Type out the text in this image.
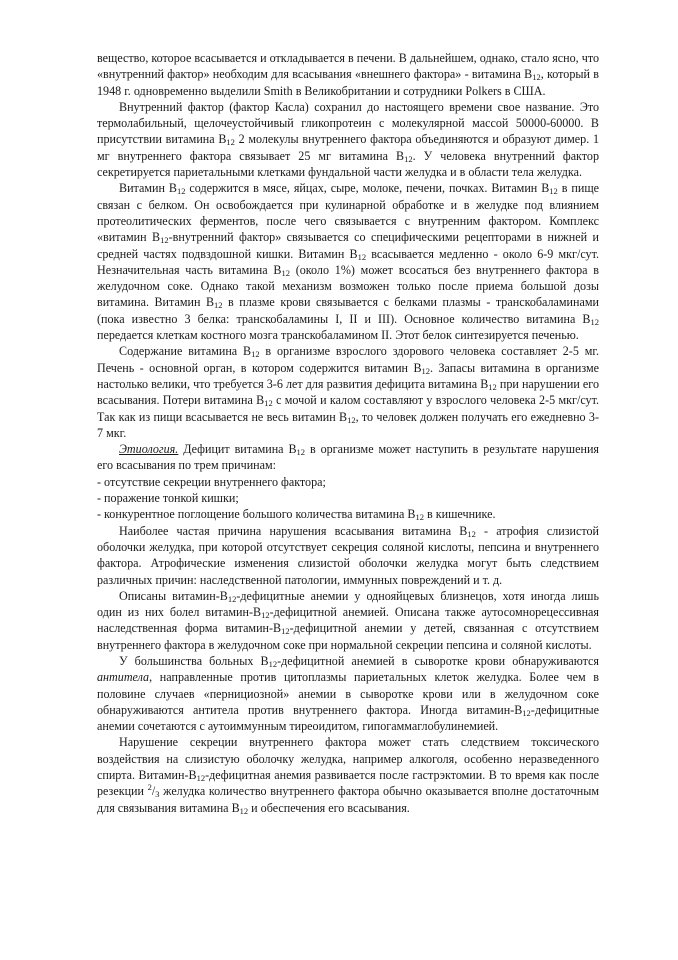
вещество, которое всасывается и откладывается в печени. В дальнейшем, однако, стало ясно, что «внутренний фактор» необходим для всасывания «внешнего фактора» - витамина $В_{12}$, который в 1948 г. одновременно выделили Smith в Великобритании и сотрудники Polkers в США.

Внутренний фактор (фактор Касла) сохранил до настоящего времени свое название. Это термолабильный, щелочеустойчивый гликопротеин с молекулярной массой 50000-60000. В присутствии витамина $В_{12}$ 2 молекулы внутреннего фактора объединяются и образуют димер. 1 мг внутреннего фактора связывает 25 мг витамина $В_{12}$. У человека внутренний фактор секретируется париетальными клетками фундальной части желудка и в области тела желудка.

Витамин $В_{12}$ содержится в мясе, яйцах, сыре, молоке, печени, почках. Витамин $В_{12}$ в пище связан с белком. Он освобождается при кулинарной обработке и в желудке под влиянием протеолитических ферментов, после чего связывается с внутренним фактором. Комплекс «витамин $В_{12}$-внутренний фактор» связывается со специфическими рецепторами в нижней и средней частях подвздошной кишки. Витамин $В_{12}$ всасывается медленно - около 6-9 мкг/сут. Незначительная часть витамина $В_{12}$ (около 1%) может всосаться без внутреннего фактора в желудочном соке. Однако такой механизм возможен только после приема большой дозы витамина. Витамин $В_{12}$ в плазме крови связывается с белками плазмы - транскобаламинами (пока известно 3 белка: транскобаламины I, II и III). Основное количество витамина $В_{12}$ передается клеткам костного мозга транскобаламином II. Этот белок синтезируется печенью.

Содержание витамина $В_{12}$ в организме взрослого здорового человека составляет 2-5 мг. Печень - основной орган, в котором содержится витамин $В_{12}$. Запасы витамина в организме настолько велики, что требуется 3-6 лет для развития дефицита витамина $В_{12}$ при нарушении его всасывания. Потери витамина $В_{12}$ с мочой и калом составляют у взрослого человека 2-5 мкг/сут. Так как из пищи всасывается не весь витамин $В_{12}$, то человек должен получать его ежедневно 3-7 мкг.

Этиология. Дефицит витамина $В_{12}$ в организме может наступить в результате нарушения его всасывания по трем причинам:

- отсутствие секреции внутреннего фактора;

- поражение тонкой кишки;

- конкурентное поглощение большого количества витамина $В_{12}$ в кишечнике.

Наиболее частая причина нарушения всасывания витамина $В_{12}$ - атрофия слизистой оболочки желудка, при которой отсутствует секреция соляной кислоты, пепсина и внутреннего фактора. Атрофические изменения слизистой оболочки желудка могут быть следствием различных причин: наследственной патологии, иммунных повреждений и т. д.

Описаны витамин-$В_{12}$-дефицитные анемии у однояйцевых близнецов, хотя иногда лишь один из них болел витамин-$В_{12}$-дефицитной анемией. Описана также аутосомнорецессивная наследственная форма витамин-$В_{12}$-дефицитной анемии у детей, связанная с отсутствием внутреннего фактора в желудочном соке при нормальной секреции пепсина и соляной кислоты.

У большинства больных $В_{12}$-дефицитной анемией в сыворотке крови обнаруживаются антитела, направленные против цитоплазмы париетальных клеток желудка. Более чем в половине случаев «пернициозной» анемии в сыворотке крови или в желудочном соке обнаруживаются антитела против внутреннего фактора. Иногда витамин-$В_{12}$-дефицитные анемии сочетаются с аутоиммунным тиреоидитом, гипогаммаглобулинемией.

Нарушение секреции внутреннего фактора может стать следствием токсического воздействия на слизистую оболочку желудка, например алкоголя, особенно неразведенного спирта. Витамин-$В_{12}$-дефицитная анемия развивается после гастрэктомии. В то время как после резекции $^2/_3$ желудка количество внутреннего фактора обычно оказывается вполне достаточным для связывания витамина $В_{12}$ и обеспечения его всасывания.
